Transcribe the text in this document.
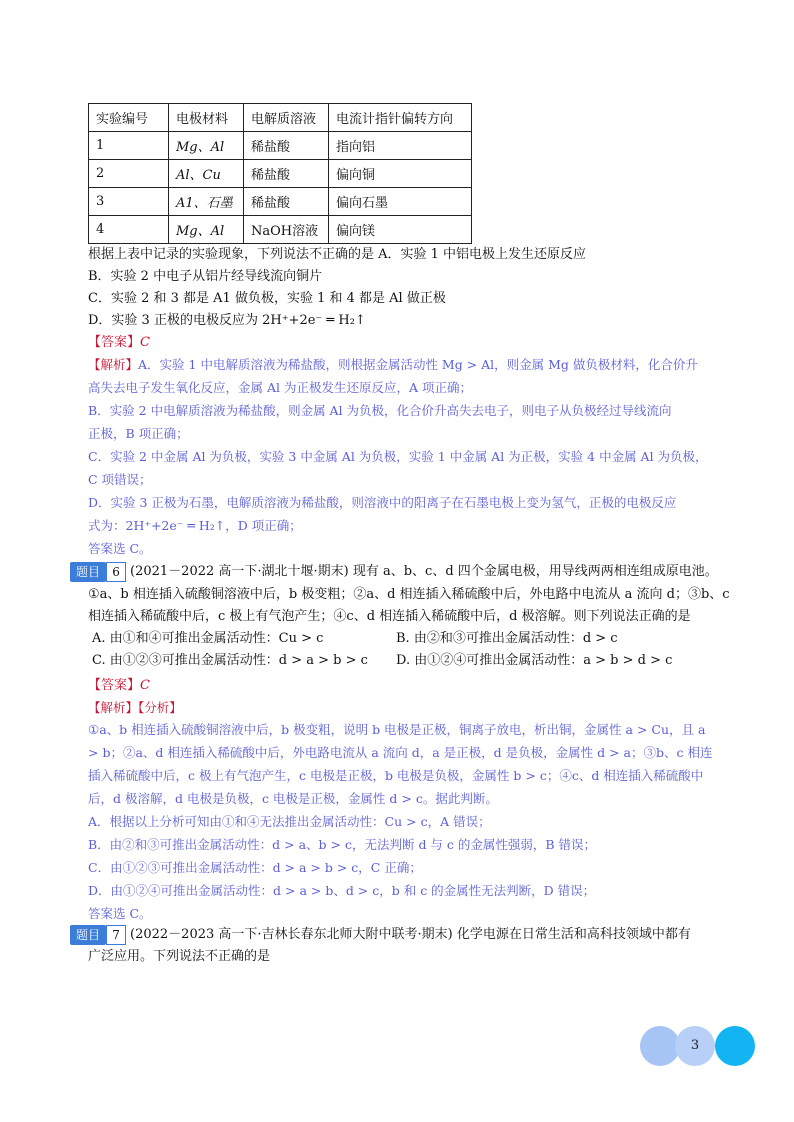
实验编号	电极材料	电解质溶液	电流计指针偏转方向
1	Mg、Al	稀盐酸	指向铝
2	Al、Cu	稀盐酸	偏向铜
3	A1、石墨	稀盐酸	偏向石墨
4	Mg、Al	NaOH溶液	偏向镁
根据上表中记录的实验现象，下列说法不正确的是 A．实验 1 中铝电极上发生还原反应
B．实验 2 中电子从铝片经导线流向铜片
C．实验 2 和 3 都是 A1 做负极，实验 1 和 4 都是 Al 做正极
D．实验 3 正极的电极反应为 2H⁺+2e⁻ ═ H₂↑
【答案】C
【解析】A．实验 1 中电解质溶液为稀盐酸，则根据金属活动性 Mg > Al，则金属 Mg 做负极材料，化合价升
高失去电子发生氧化反应，金属 Al 为正极发生还原反应，A 项正确；
B．实验 2 中电解质溶液为稀盐酸，则金属 Al 为负极，化合价升高失去电子，则电子从负极经过导线流向
正极，B 项正确；
C．实验 2 中金属 Al 为负极，实验 3 中金属 Al 为负极，实验 1 中金属 Al 为正极，实验 4 中金属 Al 为负极，
C 项错误；
D．实验 3 正极为石墨，电解质溶液为稀盐酸，则溶液中的阳离子在石墨电极上变为氢气，正极的电极反应
式为：2H⁺+2e⁻ ═ H₂↑，D 项正确；
答案选 C。
题目 6 (2021－2022 高一下·湖北十堰·期末) 现有 a、b、c、d 四个金属电极，用导线两两相连组成原电池。
①a、b 相连插入硫酸铜溶液中后，b 极变粗；②a、d 相连插入稀硫酸中后，外电路中电流从 a 流向 d；③b、c
相连插入稀硫酸中后，c 极上有气泡产生；④c、d 相连插入稀硫酸中后，d 极溶解。则下列说法正确的是
A. 由①和④可推出金属活动性：Cu > c	B. 由②和③可推出金属活动性：d > c
C. 由①②③可推出金属活动性：d > a > b > c D. 由①②④可推出金属活动性：a > b > d > c
【答案】C
【解析】【分析】
①a、b 相连插入硫酸铜溶液中后，b 极变粗，说明 b 电极是正极，铜离子放电，析出铜，金属性 a > Cu，且 a
> b；②a、d 相连插入稀硫酸中后，外电路电流从 a 流向 d，a 是正极，d 是负极，金属性 d > a；③b、c 相连
插入稀硫酸中后，c 极上有气泡产生，c 电极是正极，b 电极是负极，金属性 b > c；④c、d 相连插入稀硫酸中
后，d 极溶解，d 电极是负极，c 电极是正极，金属性 d > c。据此判断。
A．根据以上分析可知由①和④无法推出金属活动性：Cu > c，A 错误；
B．由②和③可推出金属活动性：d > a、b > c，无法判断 d 与 c 的金属性强弱，B 错误；
C．由①②③可推出金属活动性：d > a > b > c，C 正确；
D．由①②④可推出金属活动性：d > a > b、d > c，b 和 c 的金属性无法判断，D 错误；
答案选 C。
题目 7 (2022－2023 高一下·吉林长春东北师大附中联考·期末) 化学电源在日常生活和高科技领域中都有
广泛应用。下列说法不正确的是
3
